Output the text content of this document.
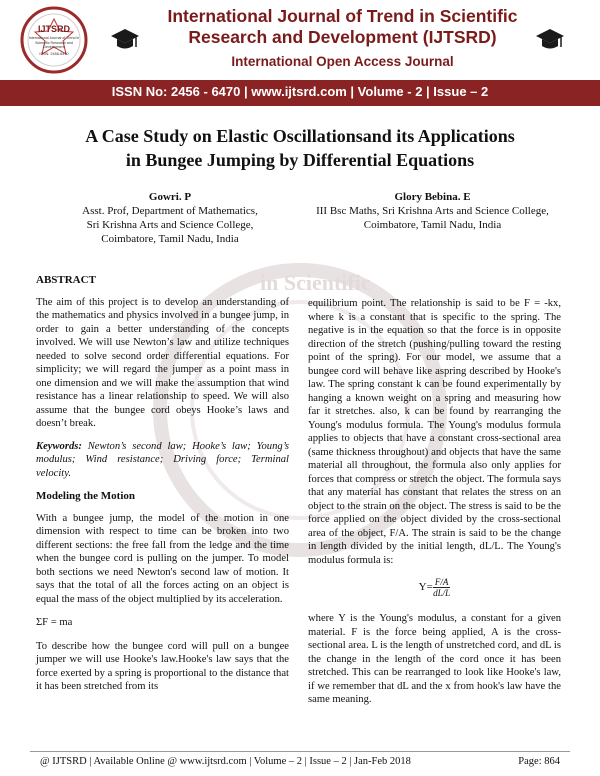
in Scientific
IJTSRD
International Journal of Trend in Scientific Research and Development
ISSN: 2456-6470
International Journal of Trend in Scientific
Research and Development (IJTSRD)
International Open Access Journal
ISSN No: 2456 - 6470 | www.ijtsrd.com | Volume - 2 | Issue – 2
A Case Study on Elastic Oscillationsand its Applications
in Bungee Jumping by Differential Equations
Gowri. P
Asst. Prof, Department of Mathematics,
Sri Krishna Arts and Science College,
Coimbatore, Tamil Nadu, India
Glory Bebina. E
III Bsc Maths, Sri Krishna Arts and Science College,
Coimbatore, Tamil Nadu, India

ABSTRACT

The aim of this project is to develop an understanding of the mathematics and physics involved in a bungee jump, in order to gain a better understanding of the concepts involved. We will use Newton’s law and utilize techniques needed to solve second order differential equations. For simplicity; we will regard the jumper as a point mass in one dimension and we will make the assumption that wind resistance has a linear relationship to speed. We will also assume that the bungee cord obeys Hooke’s laws and doesn’t break.

Keywords: Newton’s second law; Hooke’s law; Young’s modulus; Wind resistance; Driving force; Terminal velocity.

Modeling the Motion

With a bungee jump, the model of the motion in one dimension with respect to time can be broken into two different sections: the free fall from the ledge and the time when the bungee cord is pulling on the jumper. To model both sections we need Newton's second law of motion. It says that the total of all the forces acting on an object is equal the mass of the object multiplied by its acceleration.

ΣF = ma

To describe how the bungee cord will pull on a bungee jumper we will use Hooke's law.Hooke's law says that the force exerted by a spring is proportional to the distance that it has been stretched from its

equilibrium point. The relationship is said to be F = -kx, where k is a constant that is specific to the spring. The negative is in the equation so that the force is in opposite direction of the stretch (pushing/pulling toward the resting point of the spring). For our model, we assume that a bungee cord will behave like aspring described by Hooke's law. The spring constant k can be found experimentally by hanging a known weight on a spring and measuring how far it stretches. also, k can be found by rearranging the Young's modulus formula. The Young's modulus formula applies to objects that have a constant cross-sectional area (same thickness throughout) and objects that have the same material all throughout, the formula also only applies for forces that compress or stretch the object. The formula says that any material has constant that relates the stress on an object to the strain on the object. The stress is said to be the force applied on the object divided by the cross-sectional area of the object, F/A. The strain is said to be the change in length divided by the initial length, dL/L. The Young's modulus formula is:

$Y= \frac{F/A}{dL/L}$

where Y is the Young's modulus, a constant for a given material. F is the force being applied, A is the cross-sectional area. L is the length of unstretched cord, and dL is the change in the length of the cord once it has been stretched. This can be rearranged to look like Hooke's law, if we remember that dL and the x from hook's law have the same meaning.

@ IJTSRD | Available Online @ www.ijtsrd.com | Volume – 2 | Issue – 2 | Jan-Feb 2018	Page: 864
